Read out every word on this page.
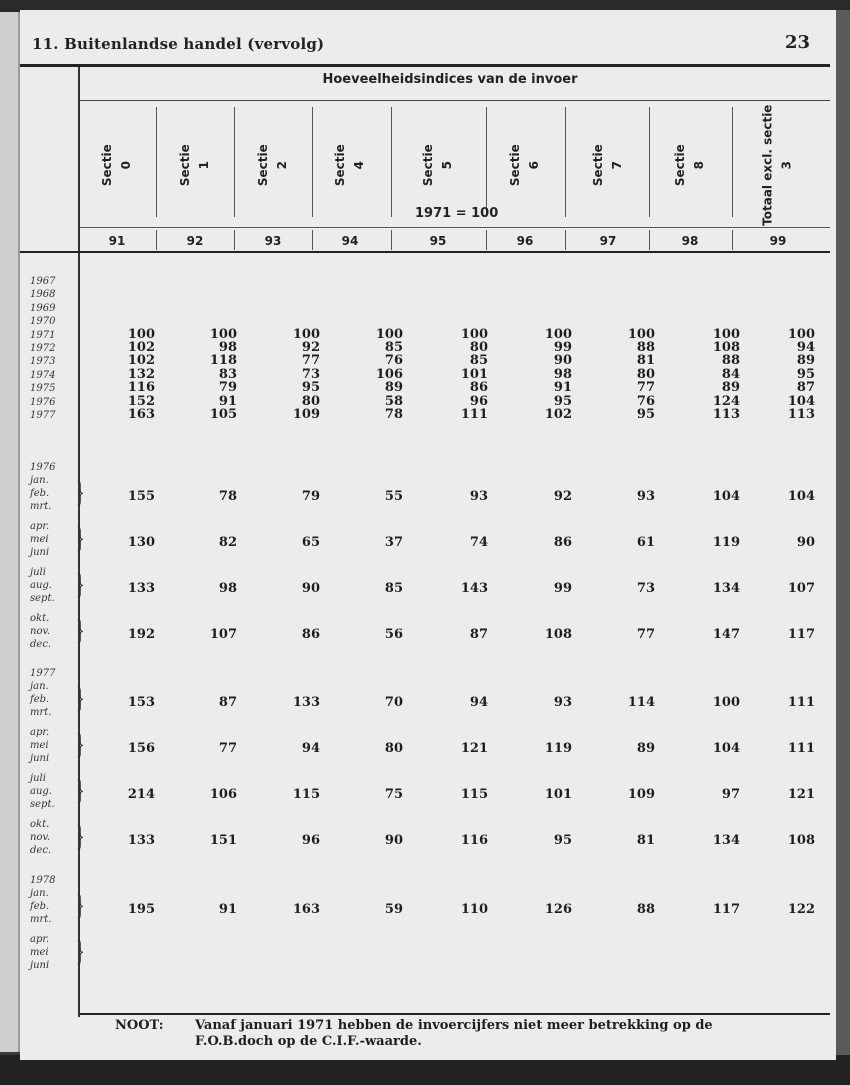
11. Buitenlandse handel (vervolg)	23
Hoeveelheidsindices van de invoer
Sectie 0	Sectie 1	Sectie 2	Sectie 4	Sectie 5	Sectie 6	Sectie 7	Sectie 8	Totaal excl. sectie 3
1971 = 100
91	92	93	94	95	96	97	98	99
1967
1968
1969
1970
1971	100	100	100	100	100	100	100	100	100
1972	102	98	92	85	80	99	88	108	94
1973	102	118	77	76	85	90	81	88	89
1974	132	83	73	106	101	98	80	84	95
1975	116	79	95	89	86	91	77	89	87
1976	152	91	80	58	96	95	76	124	104
1977	163	105	109	78	111	102	95	113	113
1976
jan.
feb.
mrt. }	155	78	79	55	93	92	93	104	104
apr.
mei
juni }	130	82	65	37	74	86	61	119	90
juli
aug.
sept. }	133	98	90	85	143	99	73	134	107
okt.
nov.
dec. }	192	107	86	56	87	108	77	147	117
1977
jan.
feb.
mrt. }	153	87	133	70	94	93	114	100	111
apr.
mei
juni }	156	77	94	80	121	119	89	104	111
juli
aug.
sept. }	214	106	115	75	115	101	109	97	121
okt.
nov.
dec. }	133	151	96	90	116	95	81	134	108
1978
jan.
feb.
mrt. }	195	91	163	59	110	126	88	117	122
apr.
mei
juni }
NOOT: Vanaf januari 1971 hebben de invoercijfers niet meer betrekking op de
F.O.B.doch op de C.I.F.-waarde.
